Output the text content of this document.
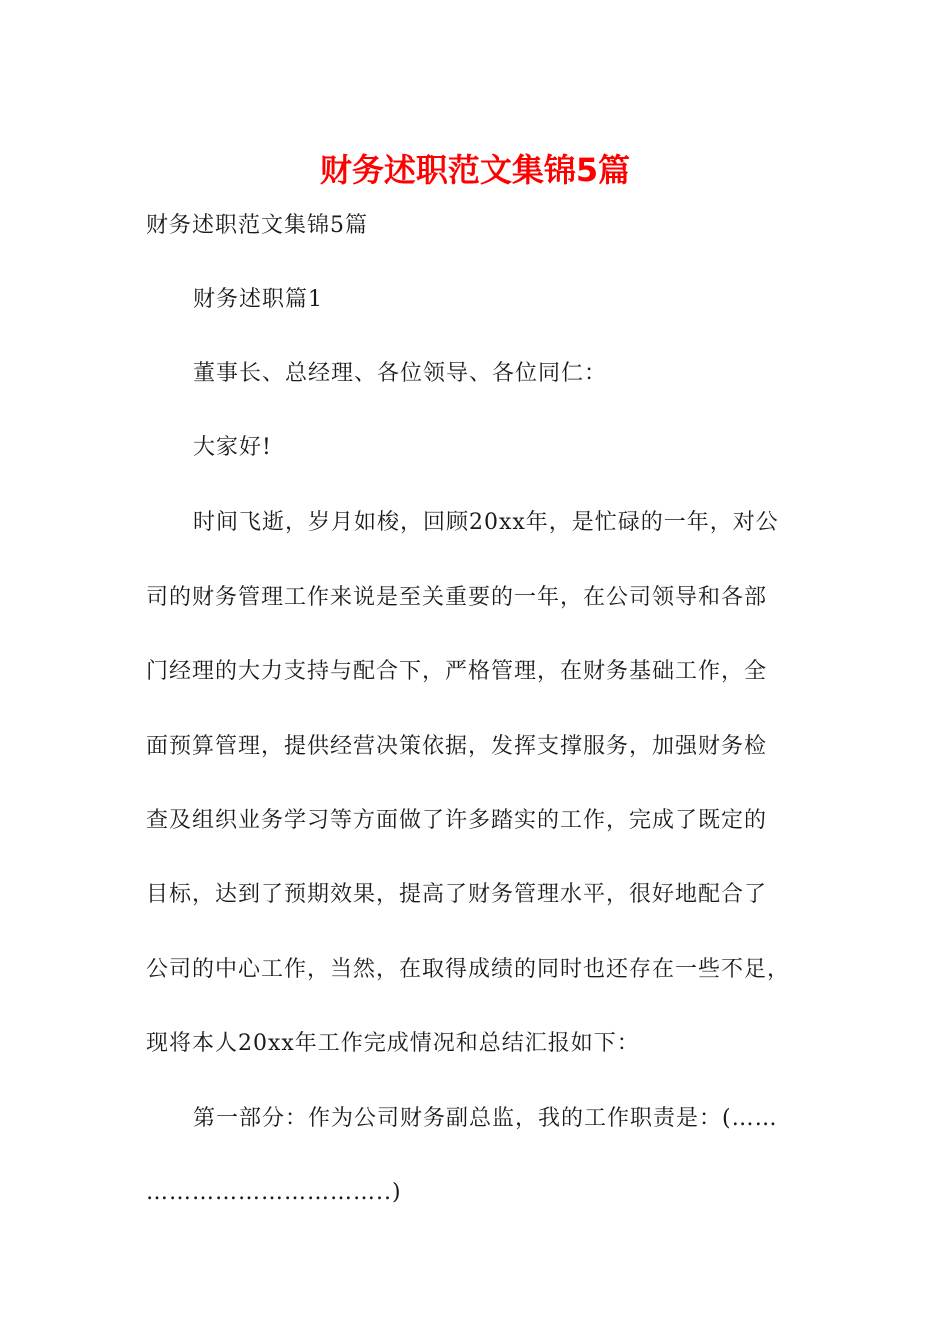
财务述职范文集锦5篇

财务述职范文集锦5篇

财务述职篇1

董事长、总经理、各位领导、各位同仁：

大家好!

时间飞逝，岁月如梭，回顾20xx年，是忙碌的一年，对公

司的财务管理工作来说是至关重要的一年，在公司领导和各部

门经理的大力支持与配合下，严格管理，在财务基础工作，全

面预算管理，提供经营决策依据，发挥支撑服务，加强财务检

查及组织业务学习等方面做了许多踏实的工作，完成了既定的

目标，达到了预期效果，提高了财务管理水平，很好地配合了

公司的中心工作，当然，在取得成绩的同时也还存在一些不足，

现将本人20xx年工作完成情况和总结汇报如下：

第一部分：作为公司财务副总监，我的工作职责是：(……

…………………………..)
